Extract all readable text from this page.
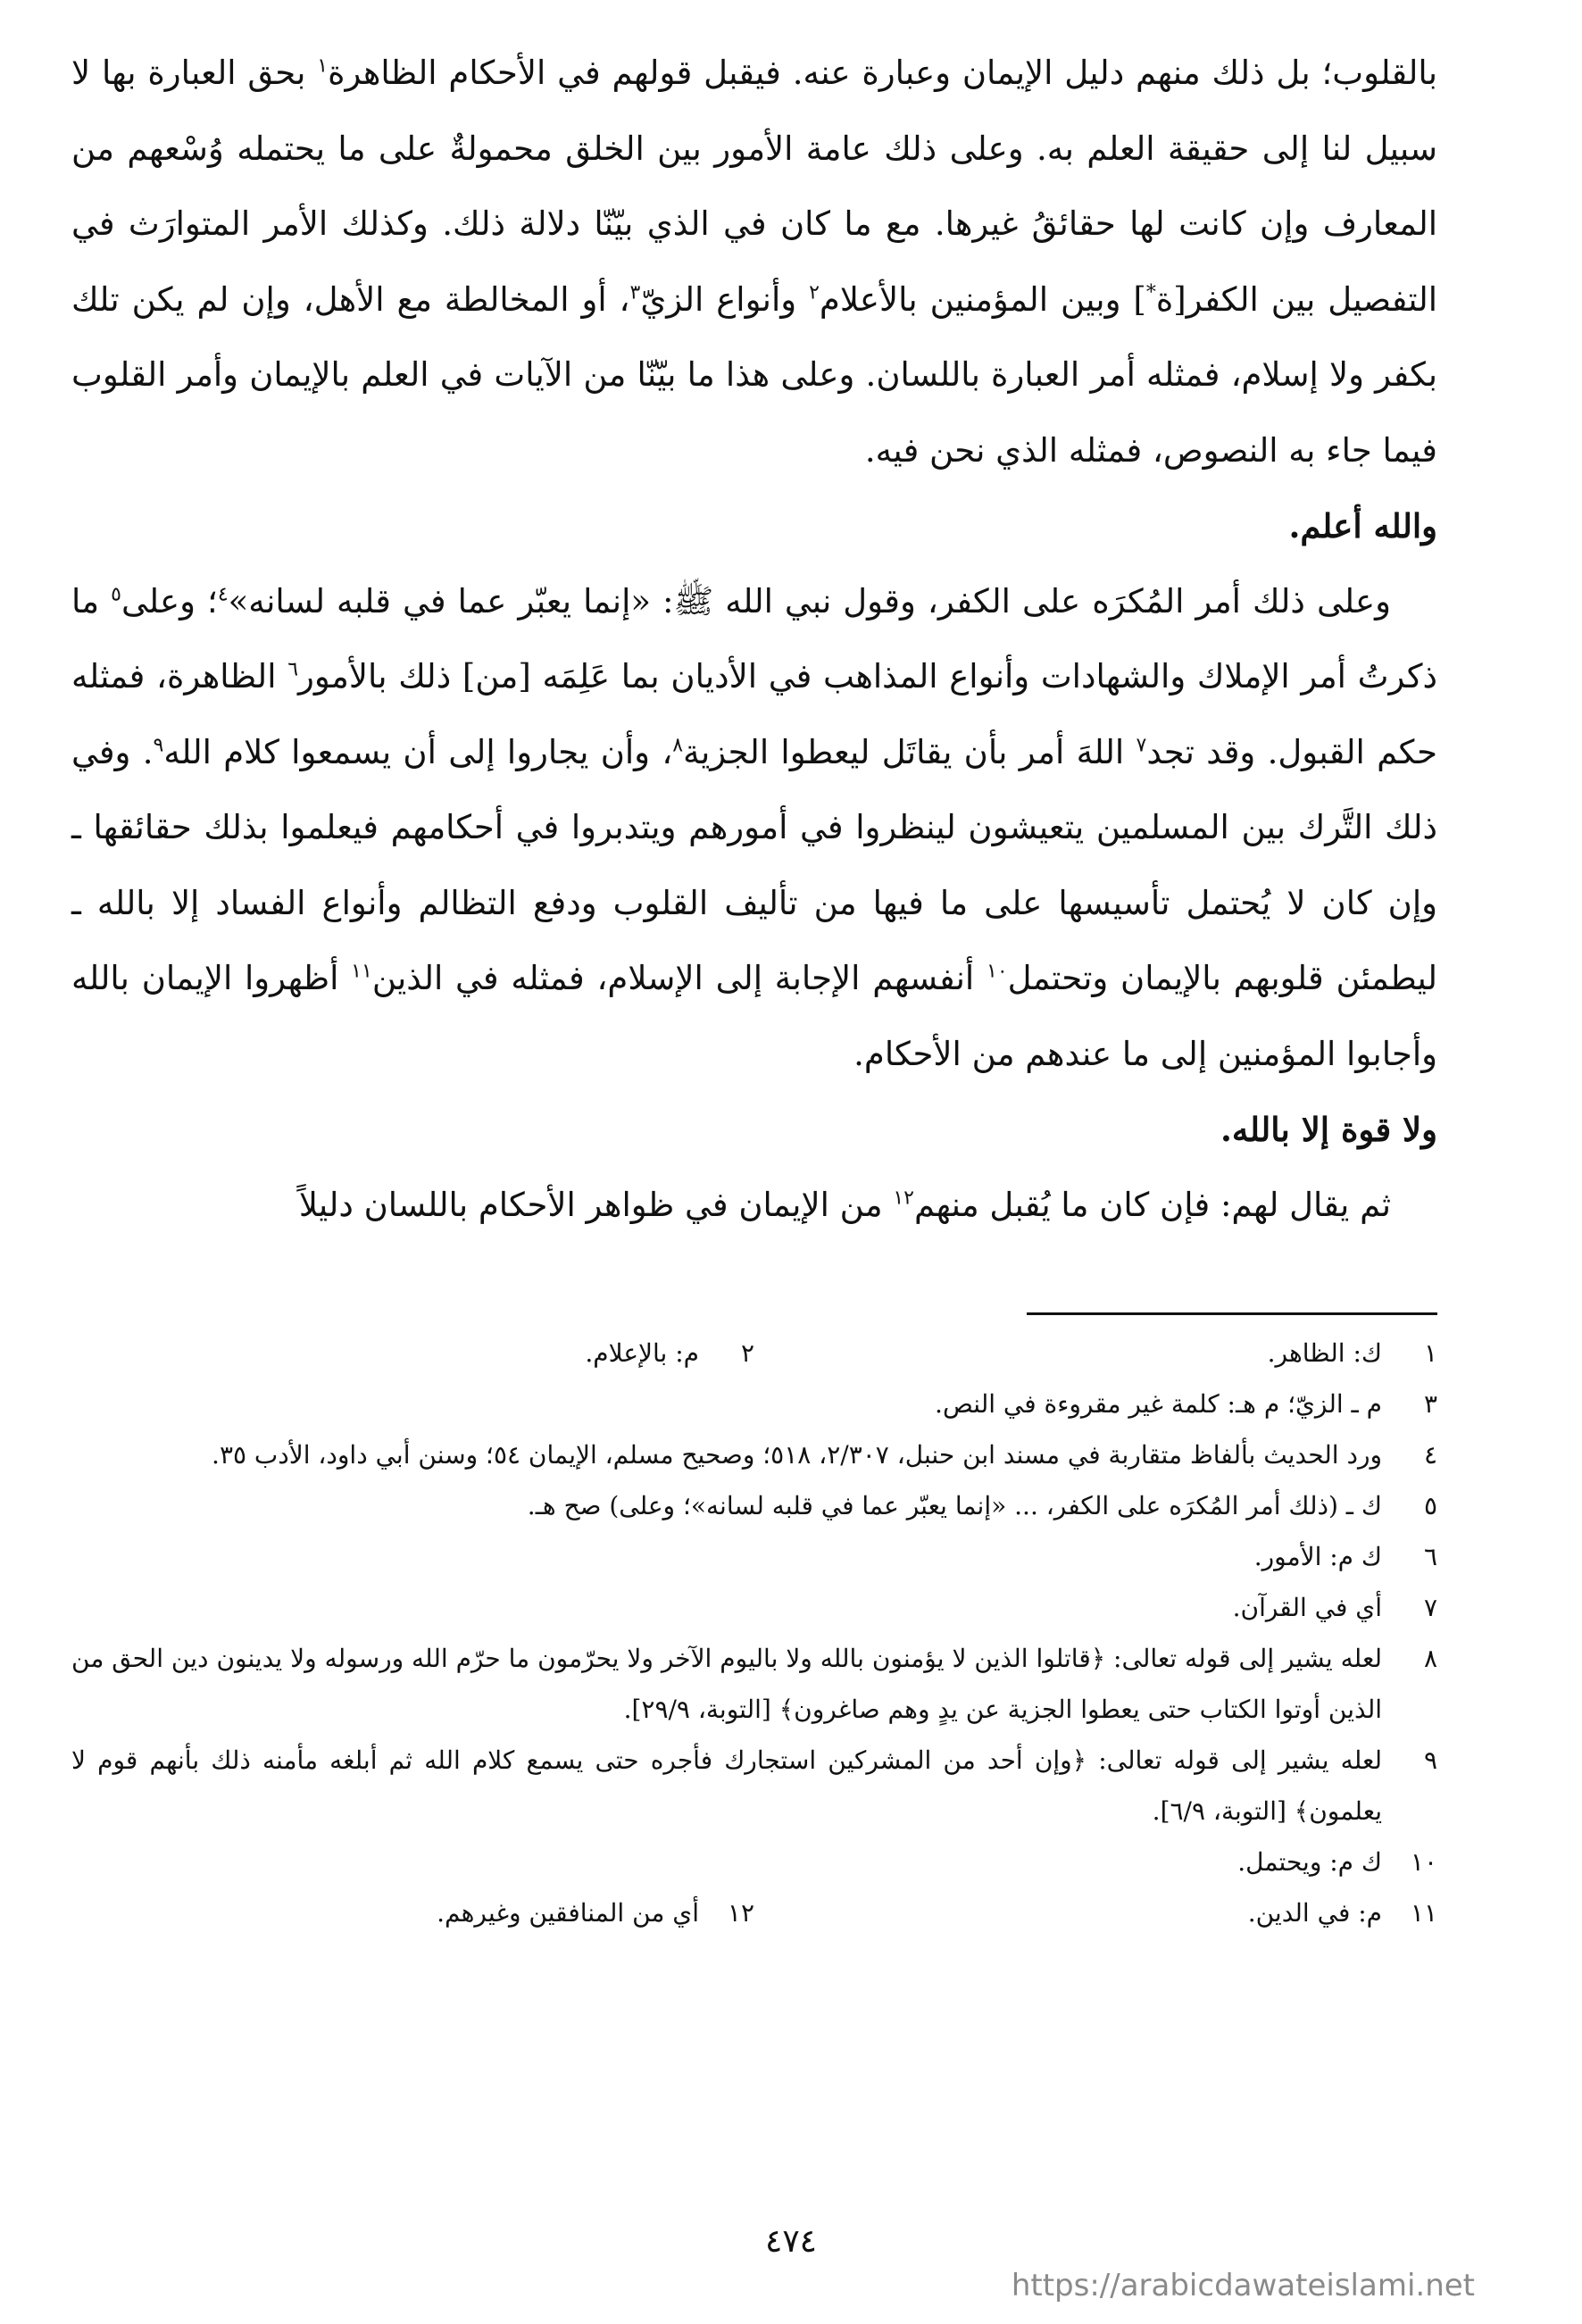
بالقلوب؛ بل ذلك منهم دليل الإيمان وعبارة عنه. فيقبل قولهم في الأحكام الظاهرة$^١$ بحق العبارة بها لا سبيل لنا إلى حقيقة العلم به. وعلى ذلك عامة الأمور بين الخلق محمولةٌ على ما يحتمله وُسْعهم من المعارف وإن كانت لها حقائقُ غيرها. مع ما كان في الذي بيّنّا دلالة ذلك. وكذلك الأمر المتوارَث في التفصيل بين الكفر[ة*] وبين المؤمنين بالأعلام$^٢$ وأنواع الزيّ$^٣$، أو المخالطة مع الأهل، وإن لم يكن تلك بكفر ولا إسلام، فمثله أمر العبارة باللسان. وعلى هذا ما بيّنّا من الآيات في العلم بالإيمان وأمر القلوب فيما جاء به النصوص، فمثله الذي نحن فيه.

والله أعلم.

وعلى ذلك أمر المُكرَه على الكفر، وقول نبي الله ﷺ: «إنما يعبّر عما في قلبه لسانه»$^٤$؛ وعلى$^٥$ ما ذكرتُ أمر الإملاك والشهادات وأنواع المذاهب في الأديان بما عَلِمَه [من] ذلك بالأمور$^٦$ الظاهرة، فمثله حكم القبول. وقد تجد$^٧$ اللهَ أمر بأن يقاتَل ليعطوا الجزية$^٨$، وأن يجاروا إلى أن يسمعوا كلام الله$^٩$. وفي ذلك التَّرك بين المسلمين يتعيشون لينظروا في أمورهم ويتدبروا في أحكامهم فيعلموا بذلك حقائقها ـ وإن كان لا يُحتمل تأسيسها على ما فيها من تأليف القلوب ودفع التظالم وأنواع الفساد إلا بالله ـ ليطمئن قلوبهم بالإيمان وتحتمل$^{١٠}$ أنفسهم الإجابة إلى الإسلام، فمثله في الذين$^{١١}$ أظهروا الإيمان بالله وأجابوا المؤمنين إلى ما عندهم من الأحكام.

ولا قوة إلا بالله.

ثم يقال لهم: فإن كان ما يُقبل منهم$^{١٢}$ من الإيمان في ظواهر الأحكام باللسان دليلاً

١
ك: الظاهر.
٢
م: بالإعلام.
٣
م ـ الزيّ؛ م هـ: كلمة غير مقروءة في النص.
٤
ورد الحديث بألفاظ متقاربة في مسند ابن حنبل، ٢/٣٠٧، ٥١٨؛ وصحيح مسلم، الإيمان ٥٤؛ وسنن أبي داود، الأدب ٣٥.
٥
ك ـ (ذلك أمر المُكرَه على الكفر، ... «إنما يعبّر عما في قلبه لسانه»؛ وعلى) صح هـ.
٦
ك م: الأمور.
٧
أي في القرآن.
٨
لعله يشير إلى قوله تعالى: ﴿قاتلوا الذين لا يؤمنون بالله ولا باليوم الآخر ولا يحرّمون ما حرّم الله ورسوله ولا يدينون دين الحق من الذين أوتوا الكتاب حتى يعطوا الجزية عن يدٍ وهم صاغرون﴾ [التوبة، ٢٩/٩].
٩
لعله يشير إلى قوله تعالى: ﴿وإن أحد من المشركين استجارك فأجره حتى يسمع كلام الله ثم أبلغه مأمنه ذلك بأنهم قوم لا يعلمون﴾ [التوبة، ٦/٩].
١٠
ك م: ويحتمل.
١١
م: في الدين.
١٢
أي من المنافقين وغيرهم.
٤٧٤
https://arabicdawateislami.net
